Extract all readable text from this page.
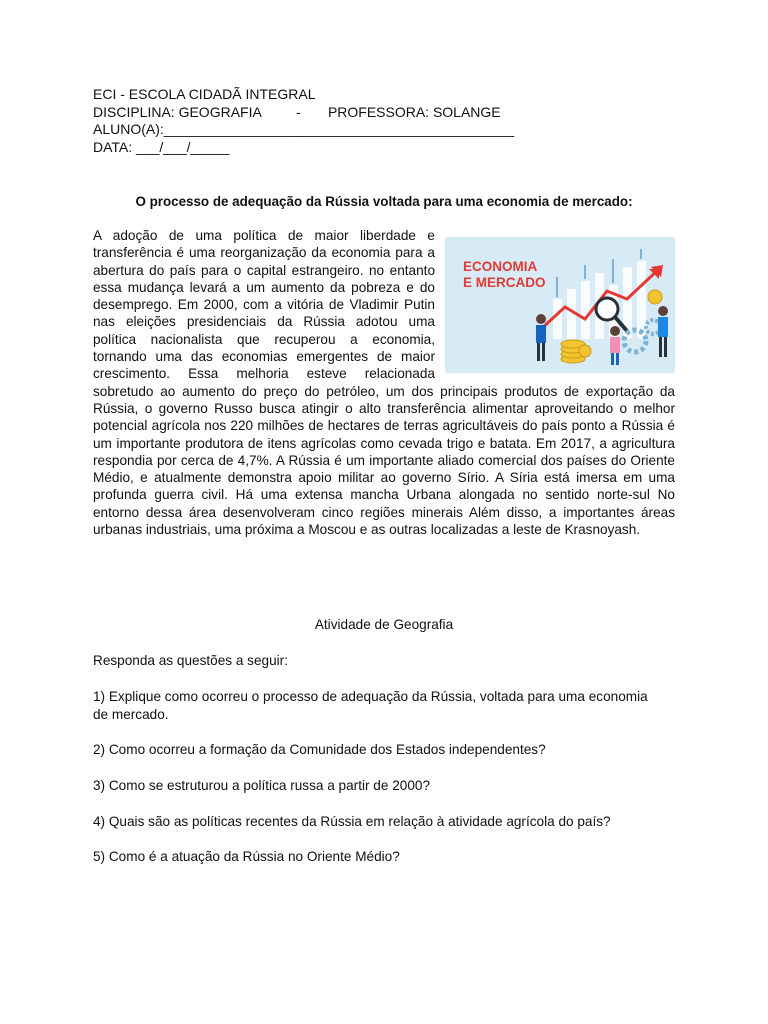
ECI - ESCOLA CIDADÃ INTEGRAL
DISCIPLINA: GEOGRAFIA         -       PROFESSORA: SOLANGE
ALUNO(A):_____________________________________________
DATA: ___/___/_____
O processo de adequação da Rússia voltada para uma economia de mercado:
ECONOMIA
E MERCADO
A adoção de uma política de maior liberdade e transferência é uma reorganização da economia para a abertura do país para o capital estrangeiro. no entanto essa mudança levará a um aumento da pobreza e do desemprego. Em 2000, com a vitória de Vladimir Putin nas eleições presidenciais da Rússia adotou uma política nacionalista que recuperou a economia, tornando uma das economias emergentes de maior crescimento. Essa melhoria esteve relacionada sobretudo ao aumento do preço do petróleo, um dos principais produtos de exportação da Rússia, o governo Russo busca atingir o alto transferência alimentar aproveitando o melhor potencial agrícola nos 220 milhões de hectares de terras agricultáveis do país ponto a Rússia é um importante produtora de itens agrícolas como cevada trigo e batata. Em 2017, a agricultura respondia por cerca de 4,7%. A Rússia é um importante aliado comercial dos países do Oriente Médio, e atualmente demonstra apoio militar ao governo Sírio. A Síria está imersa em uma profunda guerra civil. Há uma extensa mancha Urbana alongada no sentido norte-sul No entorno dessa área desenvolveram cinco regiões minerais Além disso, a importantes áreas urbanas industriais, uma próxima a Moscou e as outras localizadas a leste de Krasnoyash.
Atividade de Geografia
Responda as questões a seguir:
1) Explique como ocorreu o processo de adequação da Rússia, voltada para uma economia de mercado.
2) Como ocorreu a formação da Comunidade dos Estados independentes?
3) Como se estruturou a política russa a partir de 2000?
4) Quais são as políticas recentes da Rússia em relação à atividade agrícola do país?
5) Como é a atuação da Rússia no Oriente Médio?
